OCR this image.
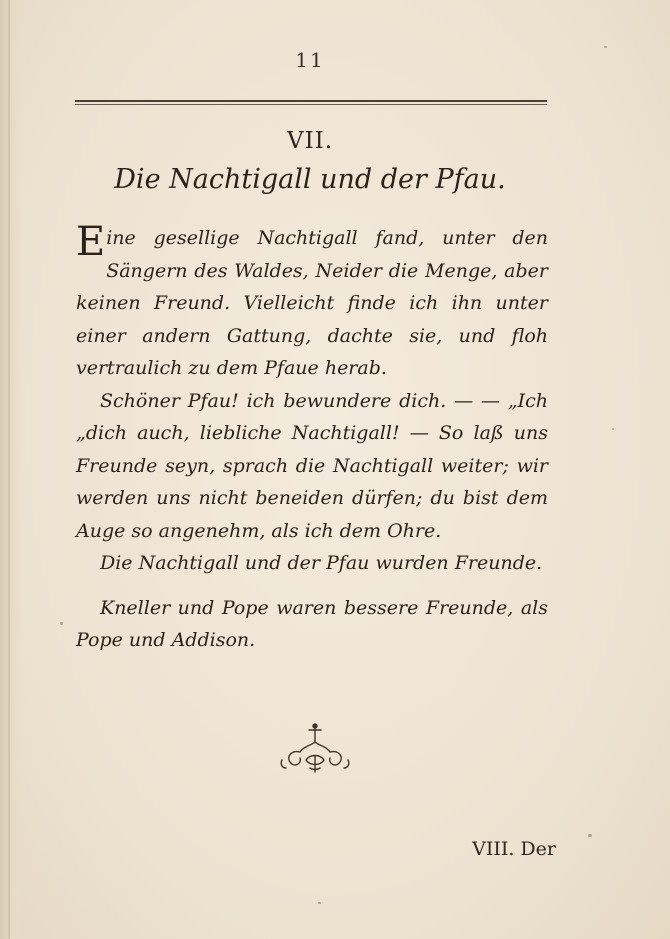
11
VII.
Die Nachtigall und der Pfau.

Eine gesellige Nachtigall fand, unter den Sängern des Waldes, Neider die Menge, aber keinen Freund. Vielleicht finde ich ihn unter einer andern Gattung, dachte sie, und floh vertraulich zu dem Pfaue herab.

Schöner Pfau! ich bewundere dich. — — „Ich „dich auch, liebliche Nachtigall! — So laß uns Freunde seyn, sprach die Nachtigall weiter; wir werden uns nicht beneiden dürfen; du bist dem Auge so angenehm, als ich dem Ohre.

Die Nachtigall und der Pfau wurden Freunde.

Kneller und Pope waren bessere Freunde, als Pope und Addison.

VIII. Der
